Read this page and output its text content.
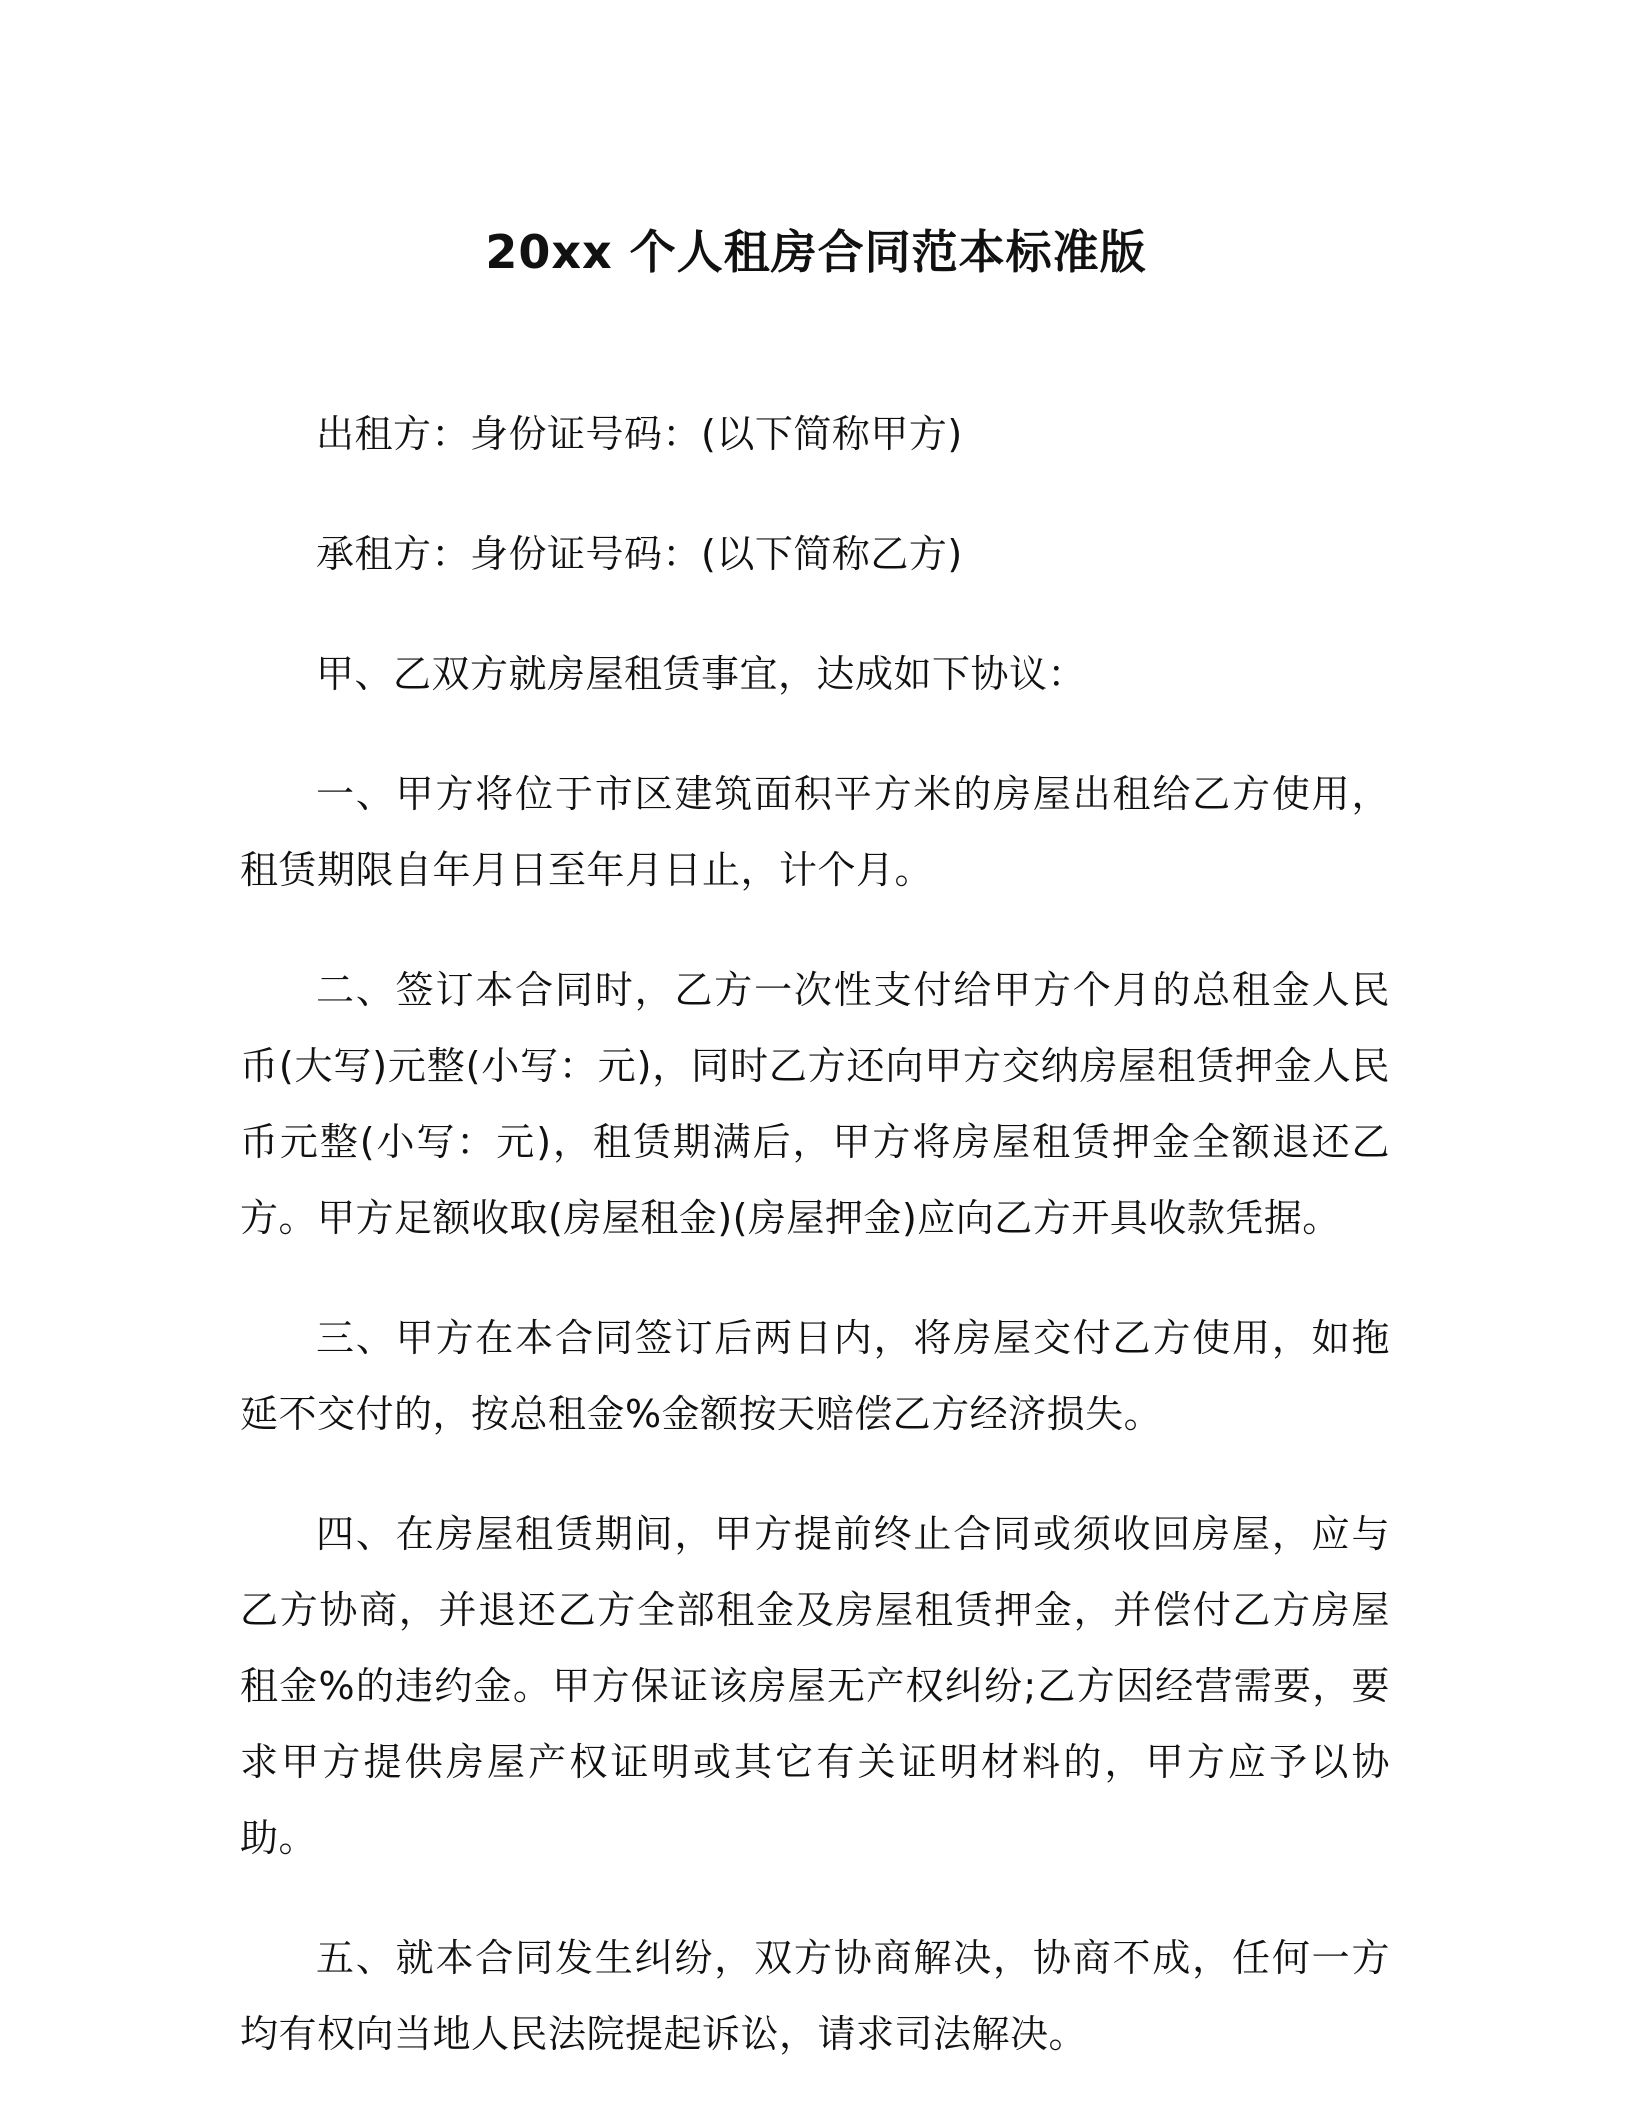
20xx 个人租房合同范本标准版

出租方：身份证号码：(以下简称甲方)

承租方：身份证号码：(以下简称乙方)

甲、乙双方就房屋租赁事宜，达成如下协议：

一、甲方将位于市区建筑面积平方米的房屋出租给乙方使用，租赁期限自年月日至年月日止，计个月。

二、签订本合同时，乙方一次性支付给甲方个月的总租金人民币(大写)元整(小写：元)，同时乙方还向甲方交纳房屋租赁押金人民币元整(小写：元)，租赁期满后，甲方将房屋租赁押金全额退还乙方。甲方足额收取(房屋租金)(房屋押金)应向乙方开具收款凭据。

三、甲方在本合同签订后两日内，将房屋交付乙方使用，如拖延不交付的，按总租金%金额按天赔偿乙方经济损失。

四、在房屋租赁期间，甲方提前终止合同或须收回房屋，应与乙方协商，并退还乙方全部租金及房屋租赁押金，并偿付乙方房屋租金%的违约金。甲方保证该房屋无产权纠纷;乙方因经营需要，要求甲方提供房屋产权证明或其它有关证明材料的，甲方应予以协助。

五、就本合同发生纠纷，双方协商解决，协商不成，任何一方均有权向当地人民法院提起诉讼，请求司法解决。
